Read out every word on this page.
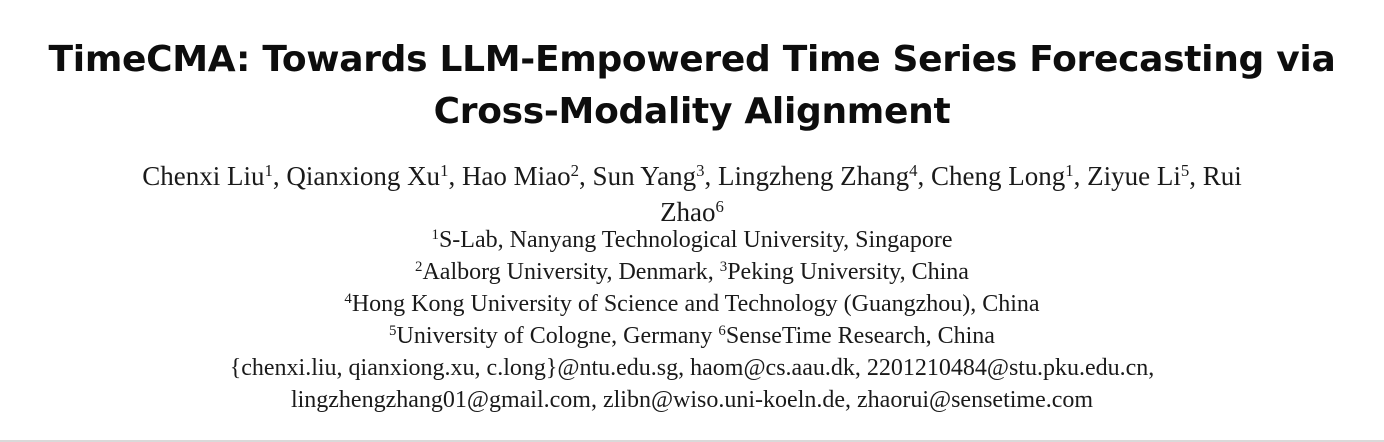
TimeCMA: Towards LLM-Empowered Time Series Forecasting via
Cross-Modality Alignment
Chenxi Liu$^1$, Qianxiong Xu$^1$, Hao Miao$^2$, Sun Yang$^3$, Lingzheng Zhang$^4$, Cheng Long$^1$, Ziyue Li$^5$, Rui
Zhao$^6$
$^1$S-Lab, Nanyang Technological University, Singapore
$^2$Aalborg University, Denmark, $^3$Peking University, China
$^4$Hong Kong University of Science and Technology (Guangzhou), China
$^5$University of Cologne, Germany $^6$SenseTime Research, China
{chenxi.liu, qianxiong.xu, c.long}@ntu.edu.sg, haom@cs.aau.dk, 2201210484@stu.pku.edu.cn,
lingzhengzhang01@gmail.com, zlibn@wiso.uni-koeln.de, zhaorui@sensetime.com
